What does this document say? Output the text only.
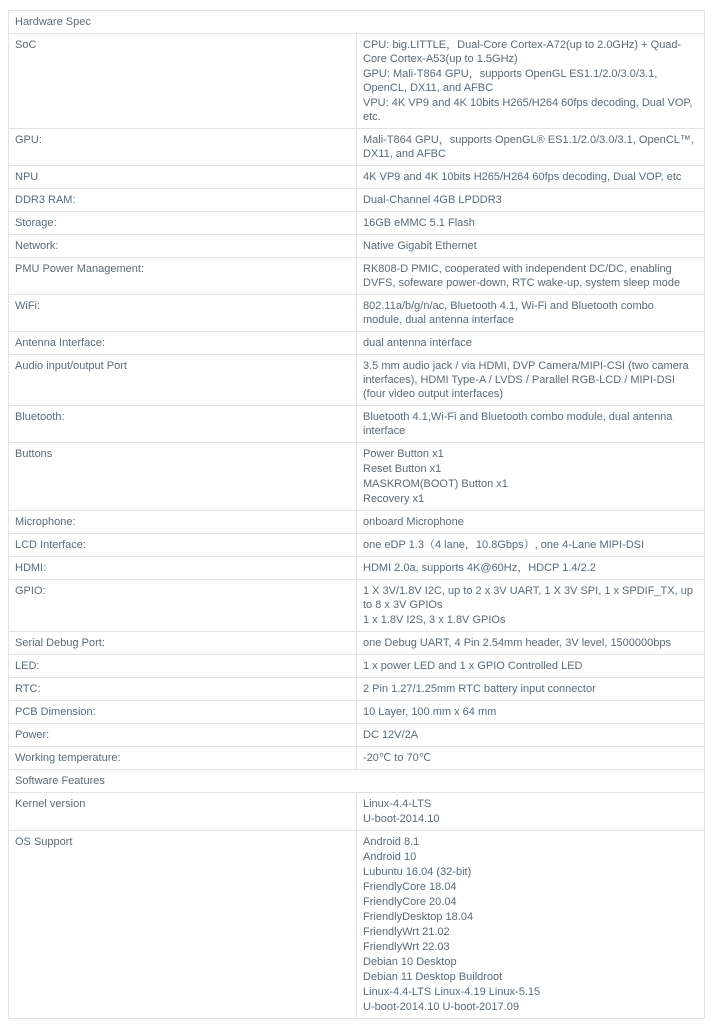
Hardware Spec	
SoC	CPU: big.LITTLE，Dual-Core Cortex-A72(up to 2.0GHz) + Quad-Core Cortex-A53(up to 1.5GHz)
GPU: Mali-T864 GPU，supports OpenGL ES1.1/2.0/3.0/3.1, OpenCL, DX11, and AFBC
VPU: 4K VP9 and 4K 10bits H265/H264 60fps decoding, Dual VOP, etc.

GPU:	Mali-T864 GPU，supports OpenGL® ES1.1/2.0/3.0/3.1, OpenCL™, DX11, and AFBC

NPU	4K VP9 and 4K 10bits H265/H264 60fps decoding, Dual VOP, etc

DDR3 RAM:	Dual-Channel 4GB LPDDR3

Storage:	16GB eMMC 5.1 Flash

Network:	Native Gigabit Ethernet

PMU Power Management:	RK808-D PMIC, cooperated with independent DC/DC, enabling DVFS, sofeware power-down, RTC wake-up, system sleep mode

WiFi:	802.11a/b/g/n/ac, Bluetooth 4.1, Wi-Fi and Bluetooth combo module, dual antenna interface

Antenna Interface:	dual antenna interface

Audio input/output Port	3.5 mm audio jack / via HDMI, DVP Camera/MIPI-CSI (two camera interfaces), HDMI Type-A / LVDS / Parallel RGB-LCD / MIPI-DSI (four video output interfaces)

Bluetooth:	Bluetooth 4.1,Wi-Fi and Bluetooth combo module, dual antenna interface

Buttons	Power Button x1
Reset Button x1
MASKROM(BOOT) Button x1
Recovery x1

Microphone:	onboard Microphone

LCD Interface:	one eDP 1.3（4 lane，10.8Gbps）, one 4-Lane MIPI-DSI

HDMI:	HDMI 2.0a, supports 4K@60Hz，HDCP 1.4/2.2

GPIO:	1 X 3V/1.8V I2C, up to 2 x 3V UART, 1 X 3V SPI, 1 x SPDIF_TX, up to 8 x 3V GPIOs
1 x 1.8V I2S, 3 x 1.8V GPIOs

Serial Debug Port:	one Debug UART, 4 Pin 2.54mm header, 3V level, 1500000bps

LED:	1 x power LED and 1 x GPIO Controlled LED

RTC:	2 Pin 1.27/1.25mm RTC battery input connector

PCB Dimension:	10 Layer, 100 mm x 64 mm

Power:	DC 12V/2A

Working temperature:	-20℃ to 70℃

Software Features	
Kernel version	Linux-4.4-LTS
U-boot-2014.10

OS Support	Android 8.1
Android 10
Lubuntu 16.04 (32-bit)
FriendlyCore 18.04
FriendlyCore 20.04
FriendlyDesktop 18.04
FriendlyWrt 21.02
FriendlyWrt 22.03
Debian 10 Desktop
Debian 11 Desktop Buildroot
Linux-4.4-LTS Linux-4.19 Linux-5.15
U-boot-2014.10 U-boot-2017.09
